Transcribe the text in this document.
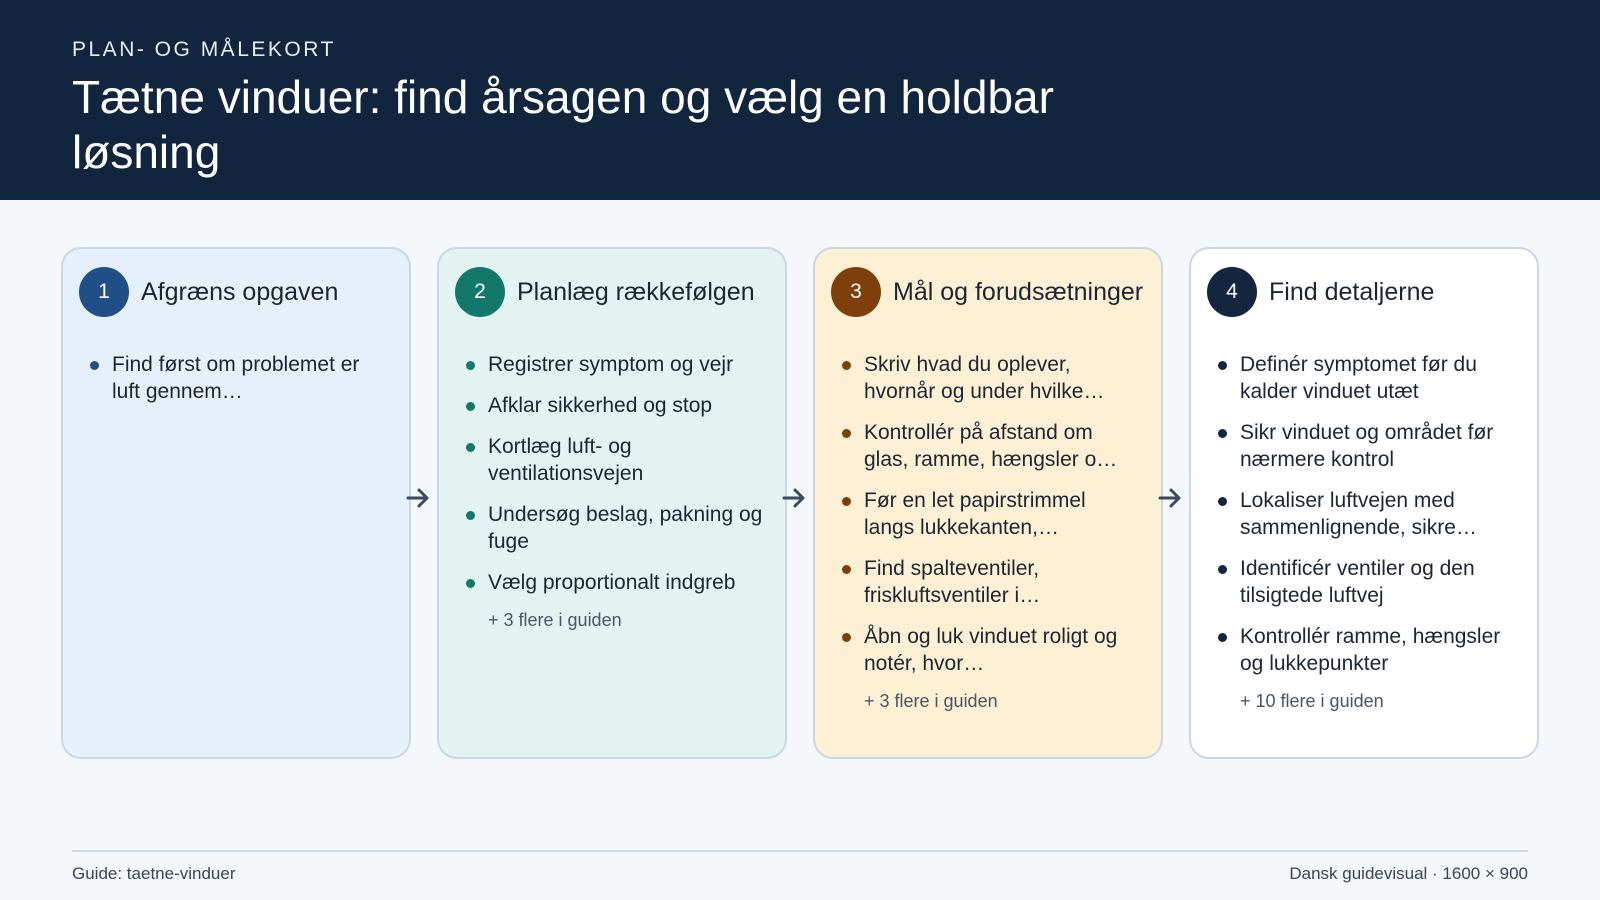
PLAN- OG MÅLEKORT
Tætne vinduer: find årsagen og vælg en holdbar løsning
1	Afgræns opgaven
Find først om problemet er luft gennem…
2	Planlæg rækkefølgen
Registrer symptom og vejr
Afklar sikkerhed og stop
Kortlæg luft- og ventilationsvejen
Undersøg beslag, pakning og fuge
Vælg proportionalt indgreb
+ 3 flere i guiden
3	Mål og forudsætninger
Skriv hvad du oplever, hvornår og under hvilke…
Kontrollér på afstand om glas, ramme, hængsler o…
Før en let papirstrimmel langs lukkekanten,…
Find spalteventiler, friskluftsventiler i…
Åbn og luk vinduet roligt og notér, hvor…
+ 3 flere i guiden
4	Find detaljerne
Definér symptomet før du kalder vinduet utæt
Sikr vinduet og området før nærmere kontrol
Lokaliser luftvejen med sammenlignende, sikre…
Identificér ventiler og den tilsigtede luftvej
Kontrollér ramme, hængsler og lukkepunkter
+ 10 flere i guiden
Guide: taetne-vinduer	Dansk guidevisual · 1600 × 900
